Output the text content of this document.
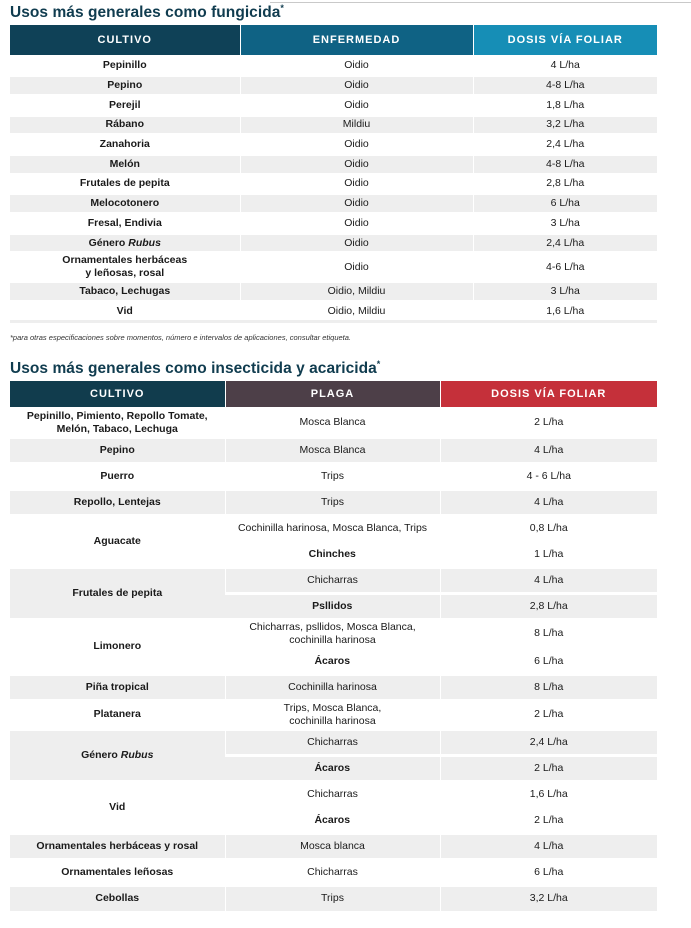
Usos más generales como fungicida*
CULTIVO	ENFERMEDAD	DOSIS VÍA FOLIAR
Pepinillo	Oidio	4 L/ha
Pepino	Oidio	4-8 L/ha
Perejil	Oidio	1,8 L/ha
Rábano	Mildiu	3,2 L/ha
Zanahoria	Oidio	2,4 L/ha
Melón	Oidio	4-8 L/ha
Frutales de pepita	Oidio	2,8 L/ha
Melocotonero	Oidio	6 L/ha
Fresal, Endivia	Oidio	3 L/ha
Género Rubus	Oidio	2,4 L/ha
Ornamentales herbáceas
y leñosas, rosal	Oidio	4-6 L/ha
Tabaco, Lechugas	Oidio, Mildiu	3 L/ha
Vid	Oidio, Mildiu	1,6 L/ha
*para otras especificaciones sobre momentos, número e intervalos de aplicaciones, consultar etiqueta.
Usos más generales como insecticida y acaricida*
CULTIVO	PLAGA	DOSIS VÍA FOLIAR
Pepinillo, Pimiento, Repollo Tomate,
Melón, Tabaco, Lechuga	Mosca Blanca	2 L/ha
Pepino	Mosca Blanca	4 L/ha
Puerro	Trips	4 - 6 L/ha
Repollo, Lentejas	Trips	4 L/ha
Aguacate	Cochinilla harinosa, Mosca Blanca, Trips	0,8 L/ha
	Chinches	1 L/ha
Frutales de pepita	Chicharras	4 L/ha
	Psllidos	2,8 L/ha
Limonero	Chicharras, psllidos, Mosca Blanca,
cochinilla harinosa	8 L/ha
	Ácaros	6 L/ha
Piña tropical	Cochinilla harinosa	8 L/ha
Platanera	Trips, Mosca Blanca,
cochinilla harinosa	2 L/ha
Género Rubus	Chicharras	2,4 L/ha
	Ácaros	2 L/ha
Vid	Chicharras	1,6 L/ha
	Ácaros	2 L/ha
Ornamentales herbáceas y rosal	Mosca blanca	4 L/ha
Ornamentales leñosas	Chicharras	6 L/ha
Cebollas	Trips	3,2 L/ha
